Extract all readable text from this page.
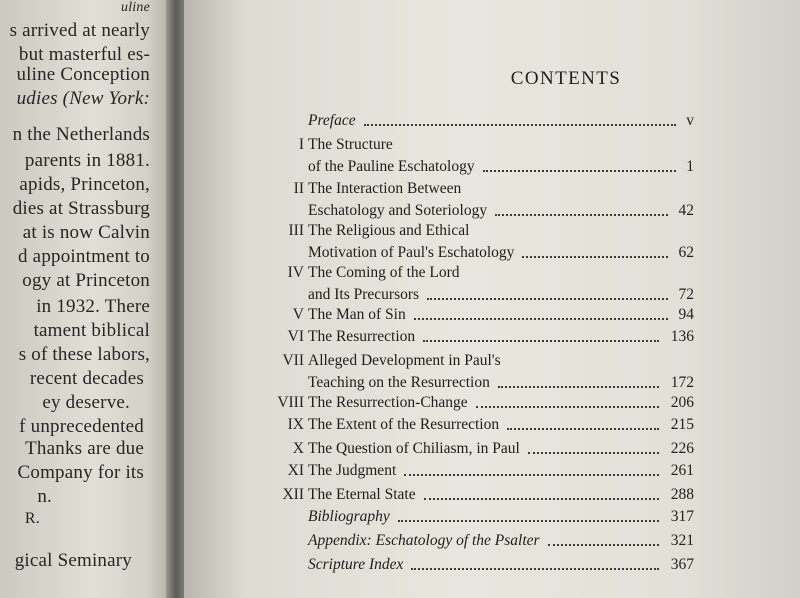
uline
s arrived at nearly
but masterful es-
uline Conception
udies (New York:
n the Netherlands
parents in 1881.
apids, Princeton,
dies at Strassburg
at is now Calvin
d appointment to
ogy at Princeton
in 1932. There
tament biblical
s of these labors,
recent decades
ey deserve.
f unprecedented
Thanks are due
Company for its
n.
R.
gical Seminary
CONTENTS
Preface	v
I The Structure
of the Pauline Eschatology	1
II The Interaction Between
Eschatology and Soteriology	42
III The Religious and Ethical
Motivation of Paul's Eschatology	62
IV The Coming of the Lord
and Its Precursors	72
V The Man of Sin	94
VI The Resurrection	136
VII Alleged Development in Paul's
Teaching on the Resurrection	172
VIII The Resurrection-Change	206
IX The Extent of the Resurrection	215
X The Question of Chiliasm, in Paul	226
XI The Judgment	261
XII The Eternal State	288
Bibliography	317
Appendix: Eschatology of the Psalter	321
Scripture Index	367
